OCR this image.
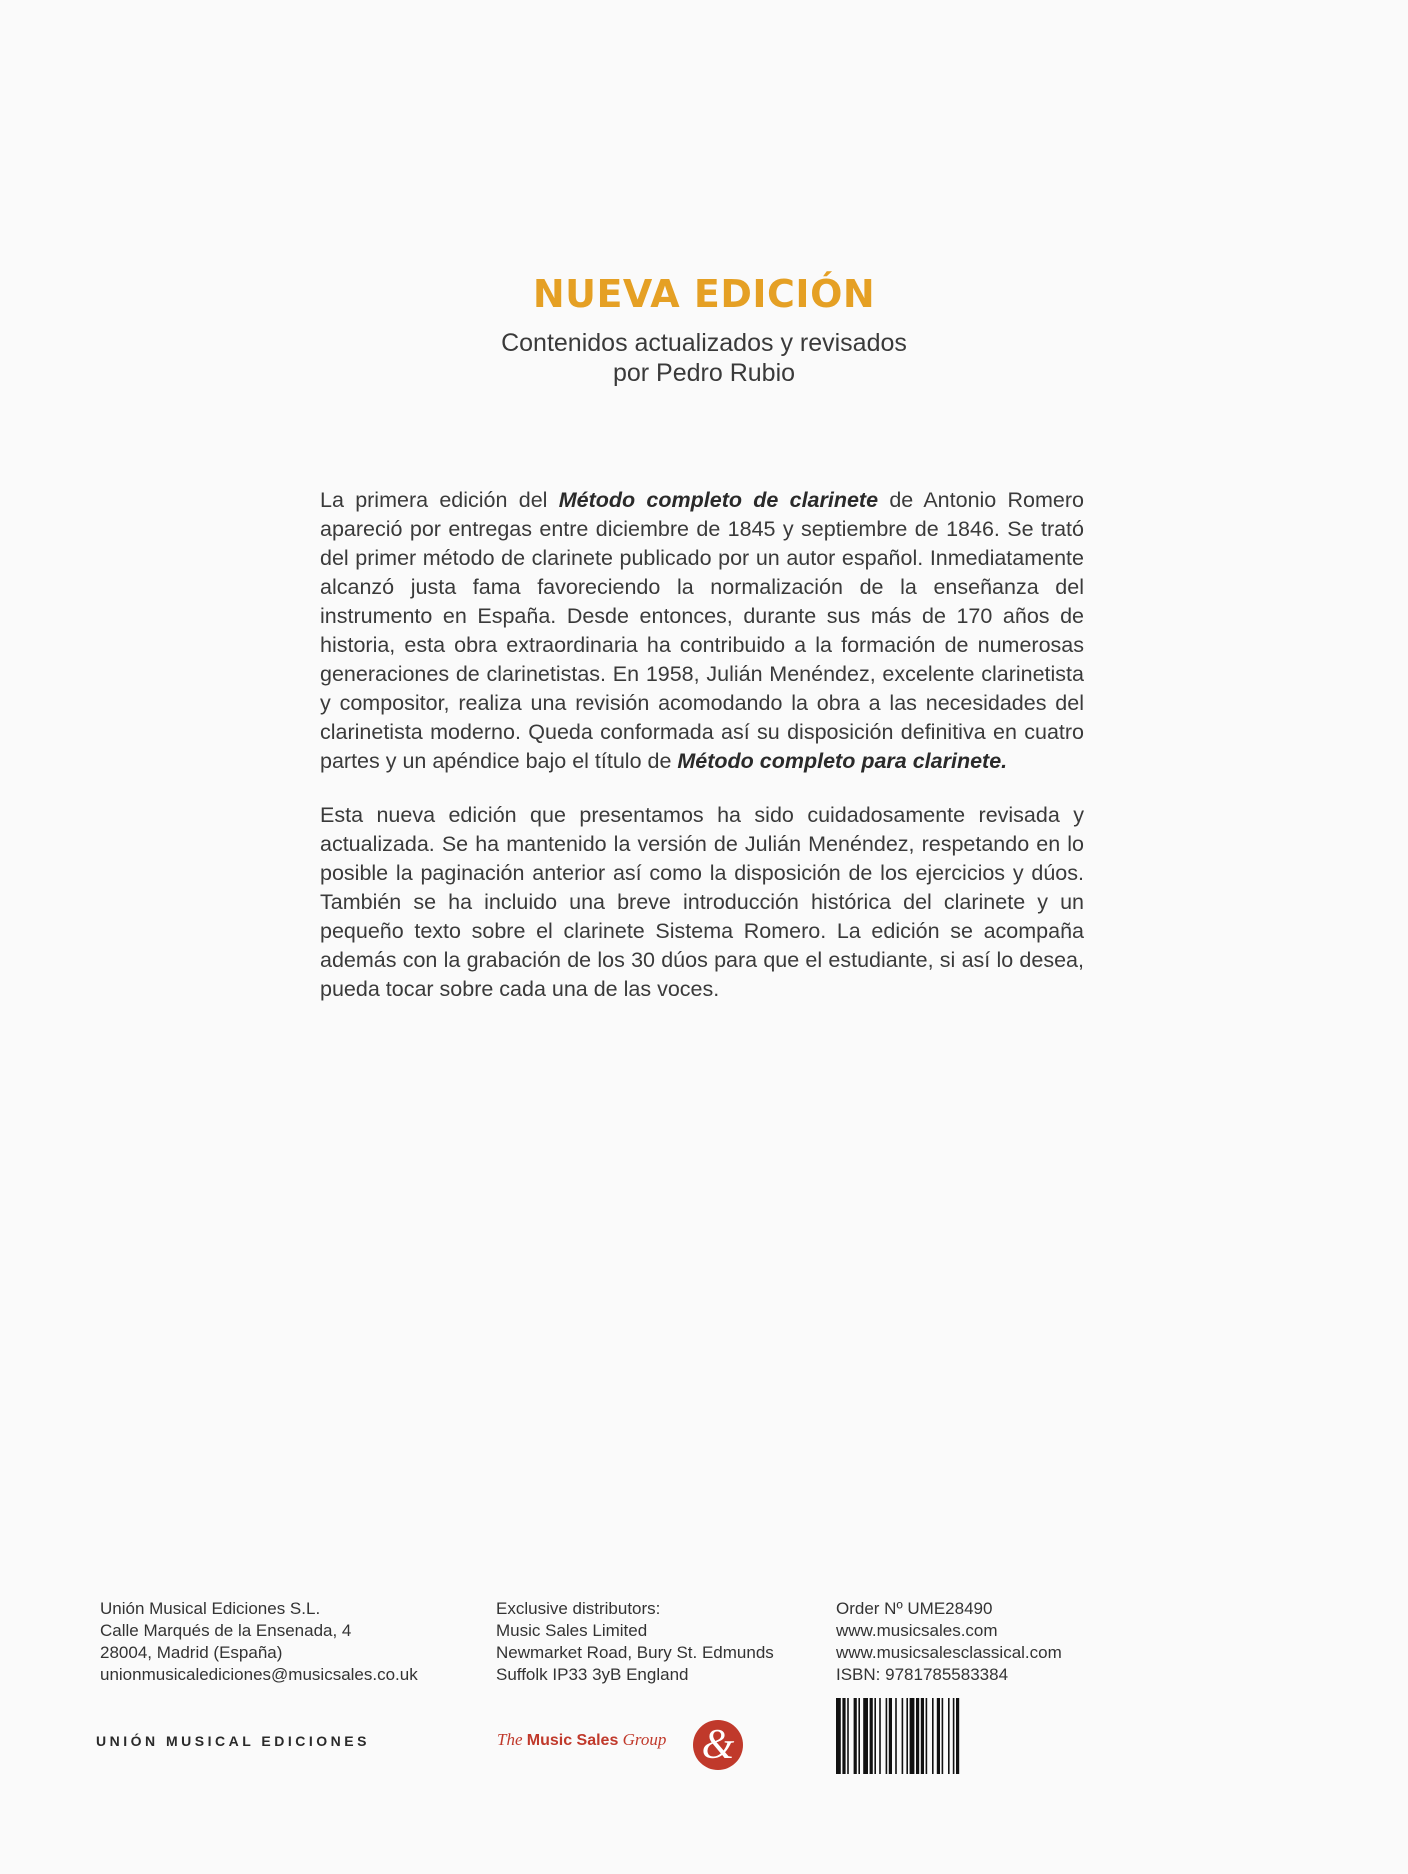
NUEVA EDICIÓN
Contenidos actualizados y revisados
por Pedro Rubio

La primera edición del Método completo de clarinete de Antonio Romero apareció por entregas entre diciembre de 1845 y septiembre de 1846. Se trató del primer método de clarinete publicado por un autor español. Inmediatamente alcanzó justa fama favoreciendo la normalización de la enseñanza del instrumento en España. Desde entonces, durante sus más de 170 años de historia, esta obra extraordinaria ha contribuido a la formación de numerosas generaciones de clarinetistas. En 1958, Julián Menéndez, excelente clarinetista y compositor, realiza una revisión acomodando la obra a las necesidades del clarinetista moderno. Queda conformada así su disposición definitiva en cuatro partes y un apéndice bajo el título de Método completo para clarinete.

Esta nueva edición que presentamos ha sido cuidadosamente revisada y actualizada. Se ha mantenido la versión de Julián Menéndez, respetando en lo posible la paginación anterior así como la disposición de los ejercicios y dúos. También se ha incluido una breve introducción histórica del clarinete y un pequeño texto sobre el clarinete Sistema Romero. La edición se acompaña además con la grabación de los 30 dúos para que el estudiante, si así lo desea, pueda tocar sobre cada una de las voces.

Unión Musical Ediciones S.L.
Calle Marqués de la Ensenada, 4
28004, Madrid (España)
unionmusicalediciones@musicsales.co.uk
Exclusive distributors:
Music Sales Limited
Newmarket Road, Bury St. Edmunds
Suffolk IP33 3yB England
Order Nº UME28490
www.musicsales.com
www.musicsalesclassical.com
ISBN: 9781785583384
UNIÓN MUSICAL EDICIONES	The Music Sales Group &
